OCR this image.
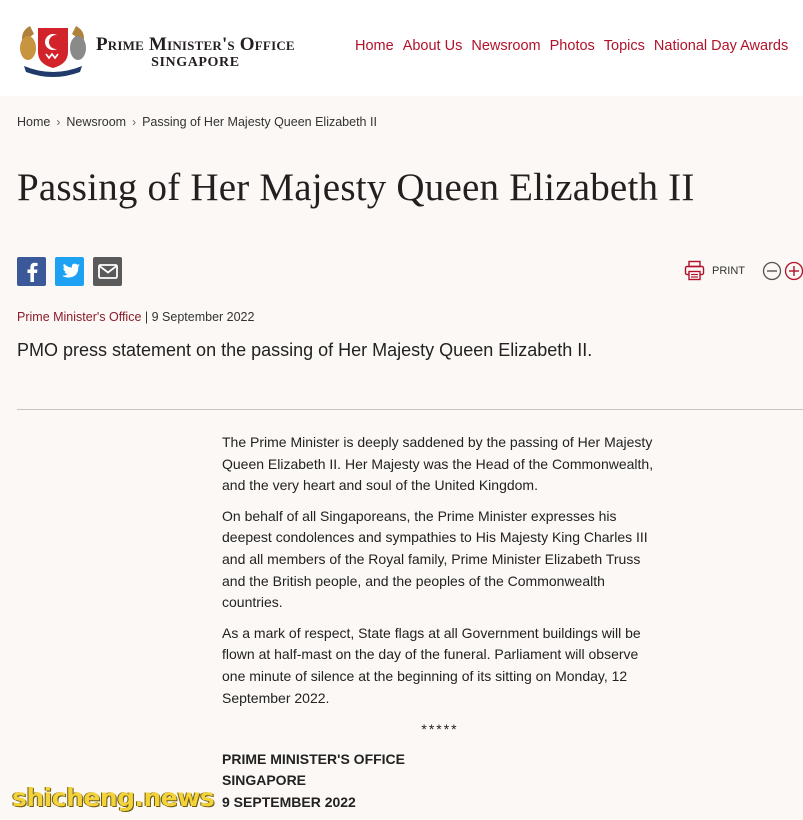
Prime Minister's Office
SINGAPORE
Home About Us Newsroom Photos Topics National Day Awards
Home › Newsroom › Passing of Her Majesty Queen Elizabeth II
Passing of Her Majesty Queen Elizabeth II
PRINT
Prime Minister's Office | 9 September 2022

PMO press statement on the passing of Her Majesty Queen Elizabeth II.

The Prime Minister is deeply saddened by the passing of Her Majesty Queen Elizabeth II. Her Majesty was the Head of the Commonwealth, and the very heart and soul of the United Kingdom.

On behalf of all Singaporeans, the Prime Minister expresses his deepest condolences and sympathies to His Majesty King Charles III and all members of the Royal family, Prime Minister Elizabeth Truss and the British people, and the peoples of the Commonwealth countries.

As a mark of respect, State flags at all Government buildings will be flown at half-mast on the day of the funeral. Parliament will observe one minute of silence at the beginning of its sitting on Monday, 12 September 2022.

*****
PRIME MINISTER'S OFFICE
SINGAPORE
9 SEPTEMBER 2022
shicheng.news
